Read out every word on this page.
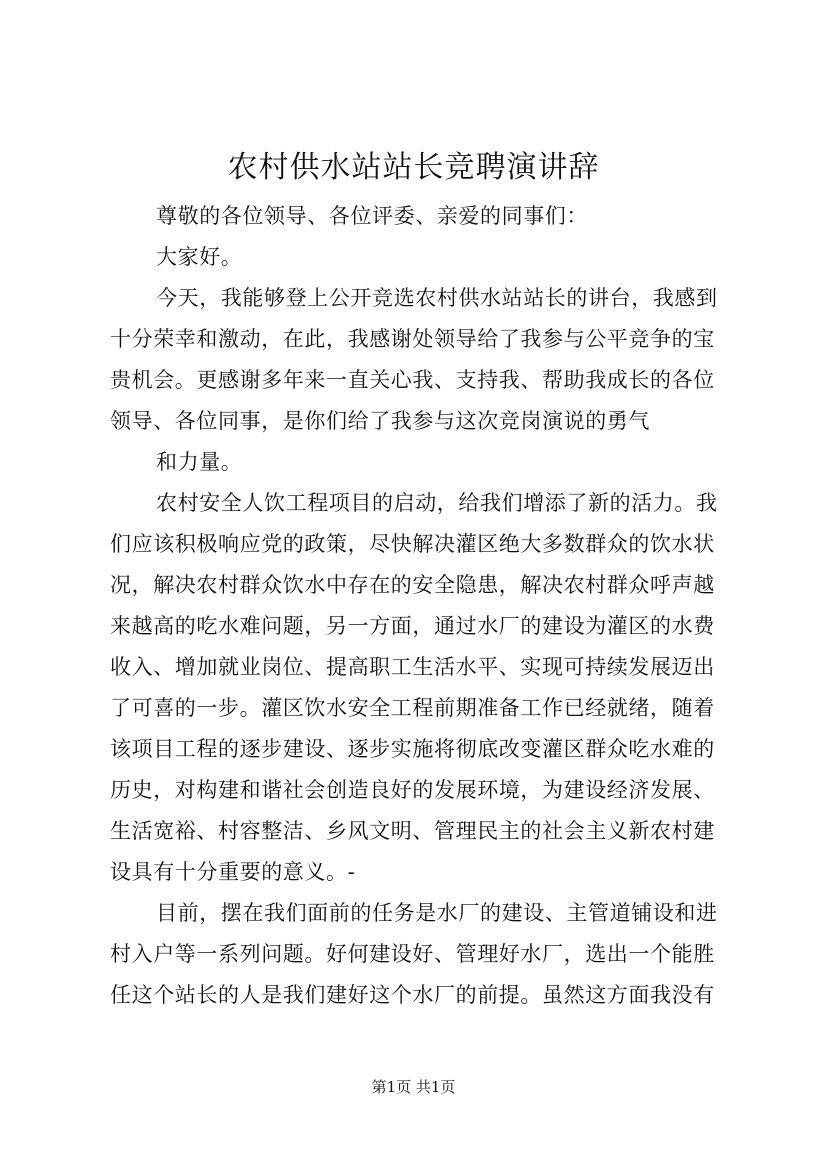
农村供水站站长竞聘演讲辞
尊敬的各位领导、各位评委、亲爱的同事们：
大家好。
今天，我能够登上公开竞选农村供水站站长的讲台，我感到
十分荣幸和激动，在此，我感谢处领导给了我参与公平竞争的宝
贵机会。更感谢多年来一直关心我、支持我、帮助我成长的各位
领导、各位同事，是你们给了我参与这次竞岗演说的勇气
和力量。
农村安全人饮工程项目的启动，给我们增添了新的活力。我
们应该积极响应党的政策，尽快解决灌区绝大多数群众的饮水状
况，解决农村群众饮水中存在的安全隐患，解决农村群众呼声越
来越高的吃水难问题，另一方面，通过水厂的建设为灌区的水费
收入、增加就业岗位、提高职工生活水平、实现可持续发展迈出
了可喜的一步。灌区饮水安全工程前期准备工作已经就绪，随着
该项目工程的逐步建设、逐步实施将彻底改变灌区群众吃水难的
历史，对构建和谐社会创造良好的发展环境，为建设经济发展、
生活宽裕、村容整洁、乡风文明、管理民主的社会主义新农村建
设具有十分重要的意义。-
目前，摆在我们面前的任务是水厂的建设、主管道铺设和进
村入户等一系列问题。好何建设好、管理好水厂，选出一个能胜
任这个站长的人是我们建好这个水厂的前提。虽然这方面我没有
第1页 共1页
